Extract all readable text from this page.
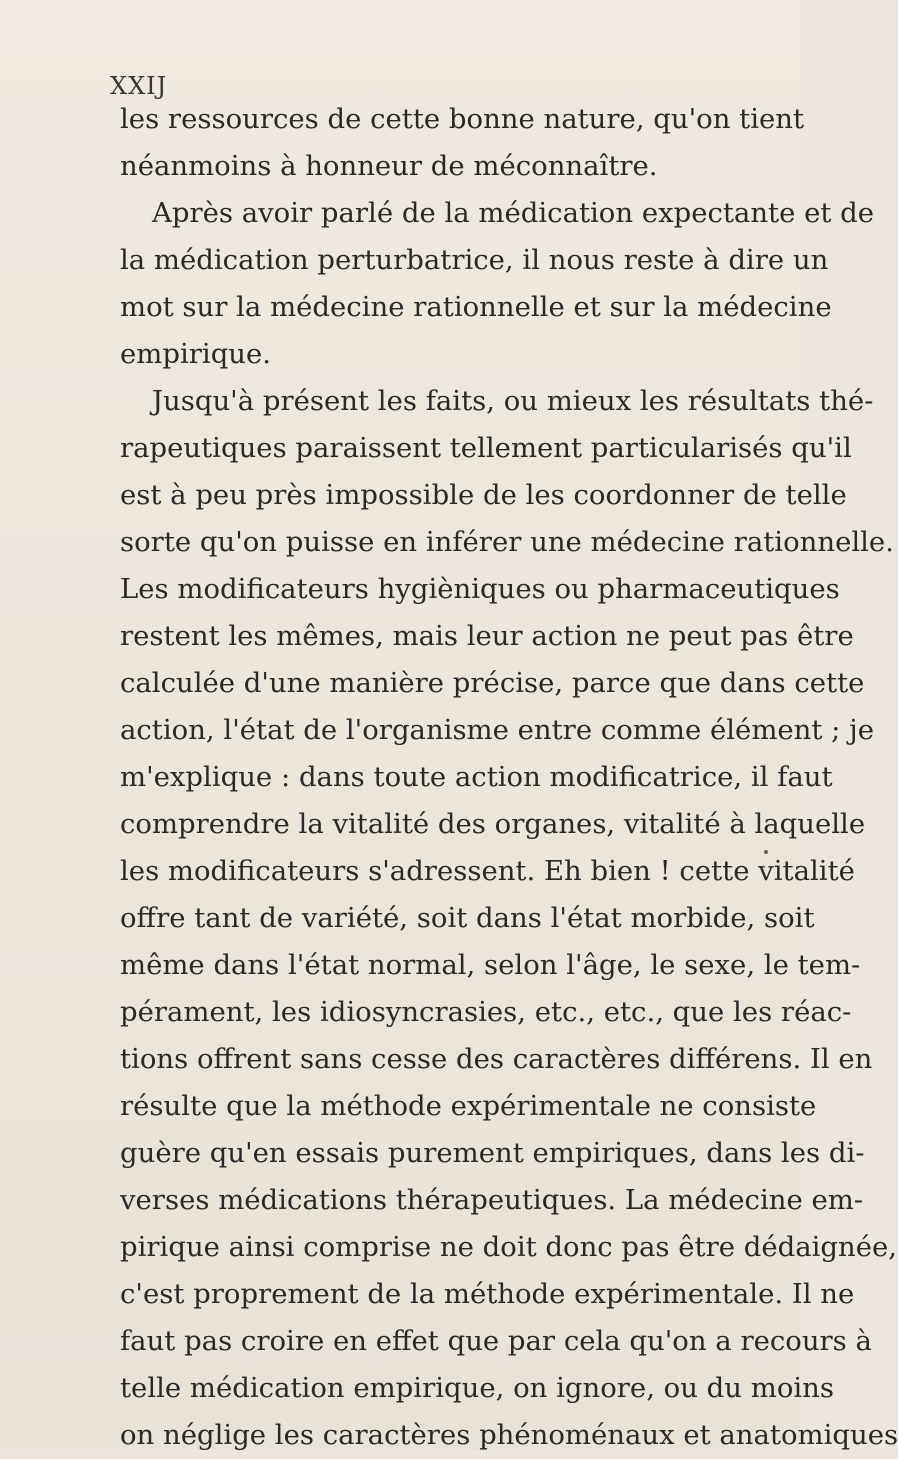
XXIJ
les ressources de cette bonne nature, qu'on tient
néanmoins à honneur de méconnaître.
Après avoir parlé de la médication expectante et de
la médication perturbatrice, il nous reste à dire un
mot sur la médecine rationnelle et sur la médecine
empirique.
Jusqu'à présent les faits, ou mieux les résultats thé-
rapeutiques paraissent tellement particularisés qu'il
est à peu près impossible de les coordonner de telle
sorte qu'on puisse en inférer une médecine rationnelle.
Les modificateurs hygièniques ou pharmaceutiques
restent les mêmes, mais leur action ne peut pas être
calculée d'une manière précise, parce que dans cette
action, l'état de l'organisme entre comme élément ; je
m'explique : dans toute action modificatrice, il faut
comprendre la vitalité des organes, vitalité à laquelle
les modificateurs s'adressent. Eh bien ! cette vitalité
offre tant de variété, soit dans l'état morbide, soit
même dans l'état normal, selon l'âge, le sexe, le tem-
pérament, les idiosyncrasies, etc., etc., que les réac-
tions offrent sans cesse des caractères différens. Il en
résulte que la méthode expérimentale ne consiste
guère qu'en essais purement empiriques, dans les di-
verses médications thérapeutiques. La médecine em-
pirique ainsi comprise ne doit donc pas être dédaignée,
c'est proprement de la méthode expérimentale. Il ne
faut pas croire en effet que par cela qu'on a recours à
telle médication empirique, on ignore, ou du moins
on néglige les caractères phénoménaux et anatomiques
